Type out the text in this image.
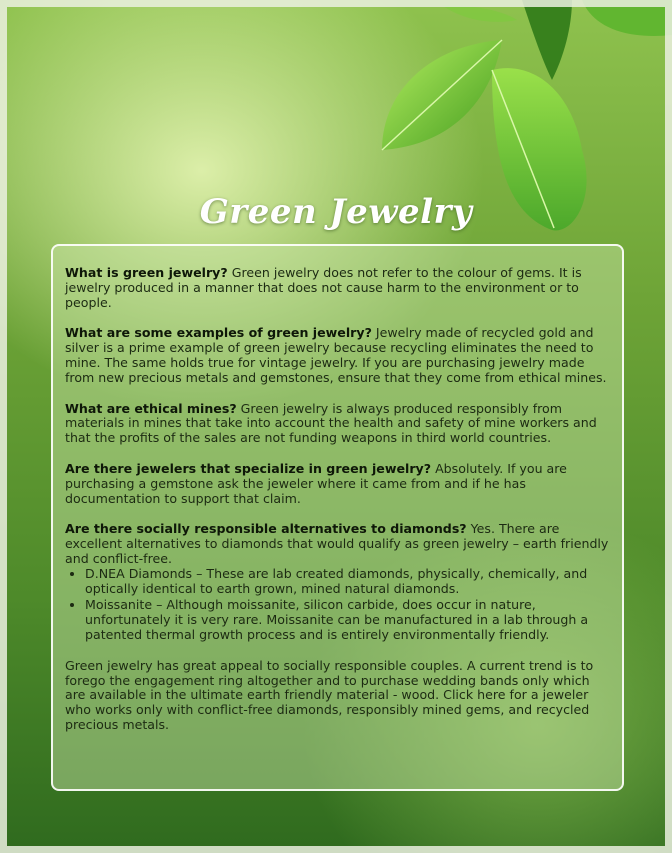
Green Jewelry

What is green jewelry? Green jewelry does not refer to the colour of gems. It is jewelry produced in a manner that does not cause harm to the environment or to people.

What are some examples of green jewelry? Jewelry made of recycled gold and silver is a prime example of green jewelry because recycling eliminates the need to mine. The same holds true for vintage jewelry. If you are purchasing jewelry made from new precious metals and gemstones, ensure that they come from ethical mines.

What are ethical mines? Green jewelry is always produced responsibly from materials in mines that take into account the health and safety of mine workers and that the profits of the sales are not funding weapons in third world countries.

Are there jewelers that specialize in green jewelry? Absolutely. If you are purchasing a gemstone ask the jeweler where it came from and if he has documentation to support that claim.

Are there socially responsible alternatives to diamonds? Yes. There are excellent alternatives to diamonds that would qualify as green jewelry – earth friendly and conflict-free.

• D.NEA Diamonds – These are lab created diamonds, physically, chemically, and optically identical to earth grown, mined natural diamonds.
• Moissanite – Although moissanite, silicon carbide, does occur in nature, unfortunately it is very rare. Moissanite can be manufactured in a lab through a patented thermal growth process and is entirely environmentally friendly.

Green jewelry has great appeal to socially responsible couples. A current trend is to forego the engagement ring altogether and to purchase wedding bands only which are available in the ultimate earth friendly material - wood. Click here for a jeweler who works only with conflict-free diamonds, responsibly mined gems, and recycled precious metals.
